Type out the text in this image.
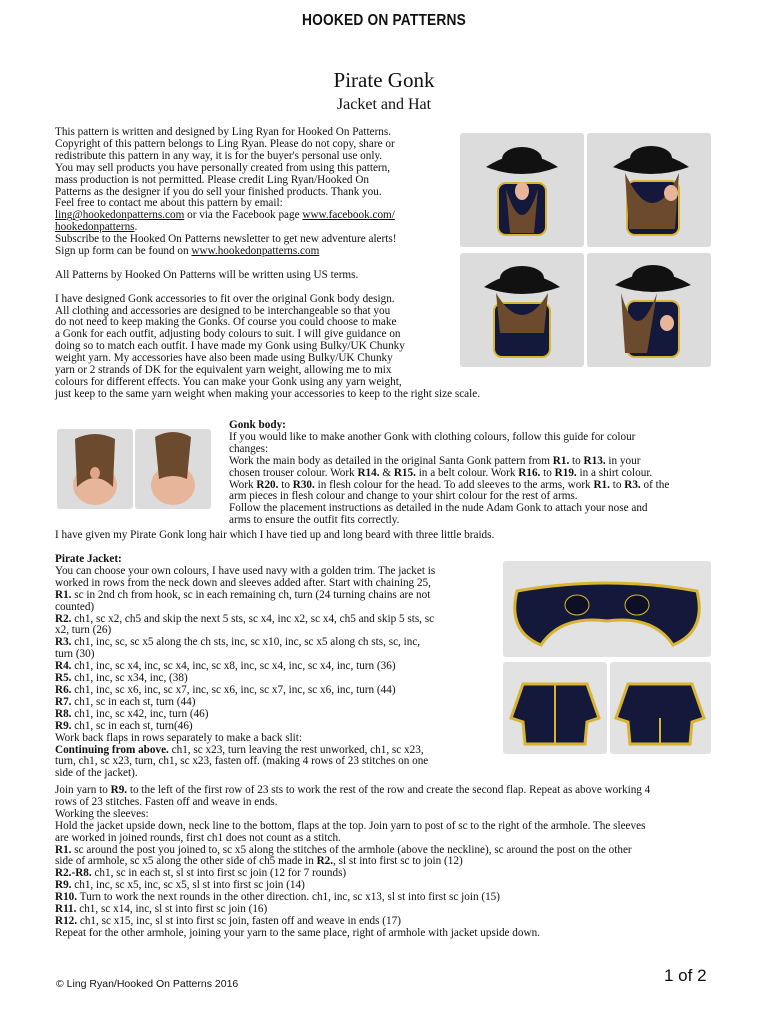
HOOKED ON PATTERNS
Pirate Gonk
Jacket and Hat

This pattern is written and designed by Ling Ryan for Hooked On Patterns.

Copyright of this pattern belongs to Ling Ryan. Please do not copy, share or

redistribute this pattern in any way, it is for the buyer's personal use only.

You may sell products you have personally created from using this pattern,

mass production is not permitted. Please credit Ling Ryan/Hooked On

Patterns as the designer if you do sell your finished products. Thank you.

Feel free to contact me about this pattern by email:

ling@hookedonpatterns.com or via the Facebook page www.facebook.com/

hookedonpatterns.

Subscribe to the Hooked On Patterns newsletter to get new adventure alerts!

Sign up form can be found on www.hookedonpatterns.com

All Patterns by Hooked On Patterns will be written using US terms.

I have designed Gonk accessories to fit over the original Gonk body design.

All clothing and accessories are designed to be interchangeable so that you

do not need to keep making the Gonks. Of course you could choose to make

a Gonk for each outfit, adjusting body colours to suit. I will give guidance on

doing so to match each outfit. I have made my Gonk using Bulky/UK Chunky

weight yarn. My accessories have also been made using Bulky/UK Chunky

yarn or 2 strands of DK for the equivalent yarn weight, allowing me to mix

colours for different effects. You can make your Gonk using any yarn weight,

just keep to the same yarn weight when making your accessories to keep to the right size scale.

Gonk body:

If you would like to make another Gonk with clothing colours, follow this guide for colour

changes:

Work the main body as detailed in the original Santa Gonk pattern from R1. to R13. in your

chosen trouser colour. Work R14. & R15. in a belt colour. Work R16. to R19. in a shirt colour.

Work R20. to R30. in flesh colour for the head. To add sleeves to the arms, work R1. to R3. of the

arm pieces in flesh colour and change to your shirt colour for the rest of arms.

Follow the placement instructions as detailed in the nude Adam Gonk to attach your nose and

arms to ensure the outfit fits correctly.

I have given my Pirate Gonk long hair which I have tied up and long beard with three little braids.

Pirate Jacket:

You can choose your own colours, I have used navy with a golden trim. The jacket is

worked in rows from the neck down and sleeves added after. Start with chaining 25,

R1. sc in 2nd ch from hook, sc in each remaining ch, turn (24 turning chains are not

counted)

R2. ch1, sc x2, ch5 and skip the next 5 sts, sc x4, inc x2, sc x4, ch5 and skip 5 sts, sc

x2, turn (26)

R3. ch1, inc, sc, sc x5 along the ch sts, inc, sc x10, inc, sc x5 along ch sts, sc, inc,

turn (30)

R4. ch1, inc, sc x4, inc, sc x4, inc, sc x8, inc, sc x4, inc, sc x4, inc, turn (36)

R5. ch1, inc, sc x34, inc, (38)

R6. ch1, inc, sc x6, inc, sc x7, inc, sc x6, inc, sc x7, inc, sc x6, inc, turn (44)

R7. ch1, sc in each st, turn (44)

R8. ch1, inc, sc x42, inc, turn (46)

R9. ch1, sc in each st, turn(46)

Work back flaps in rows separately to make a back slit:

Continuing from above. ch1, sc x23, turn leaving the rest unworked, ch1, sc x23,

turn, ch1, sc x23, turn, ch1, sc x23, fasten off. (making 4 rows of 23 stitches on one

side of the jacket).

Join yarn to R9. to the left of the first row of 23 sts to work the rest of the row and create the second flap. Repeat as above working 4

rows of 23 stitches. Fasten off and weave in ends.

Working the sleeves:

Hold the jacket upside down, neck line to the bottom, flaps at the top. Join yarn to post of sc to the right of the armhole. The sleeves

are worked in joined rounds, first ch1 does not count as a stitch.

R1. sc around the post you joined to, sc x5 along the stitches of the armhole (above the neckline), sc around the post on the other

side of armhole, sc x5 along the other side of ch5 made in R2., sl st into first sc to join (12)

R2.-R8. ch1, sc in each st, sl st into first sc join (12 for 7 rounds)

R9. ch1, inc, sc x5, inc, sc x5, sl st into first sc join (14)

R10. Turn to work the next rounds in the other direction. ch1, inc, sc x13, sl st into first sc join (15)

R11. ch1, sc x14, inc, sl st into first sc join (16)

R12. ch1, sc x15, inc, sl st into first sc join, fasten off and weave in ends (17)

Repeat for the other armhole, joining your yarn to the same place, right of armhole with jacket upside down.

© Ling Ryan/Hooked On Patterns 2016	1 of 2
